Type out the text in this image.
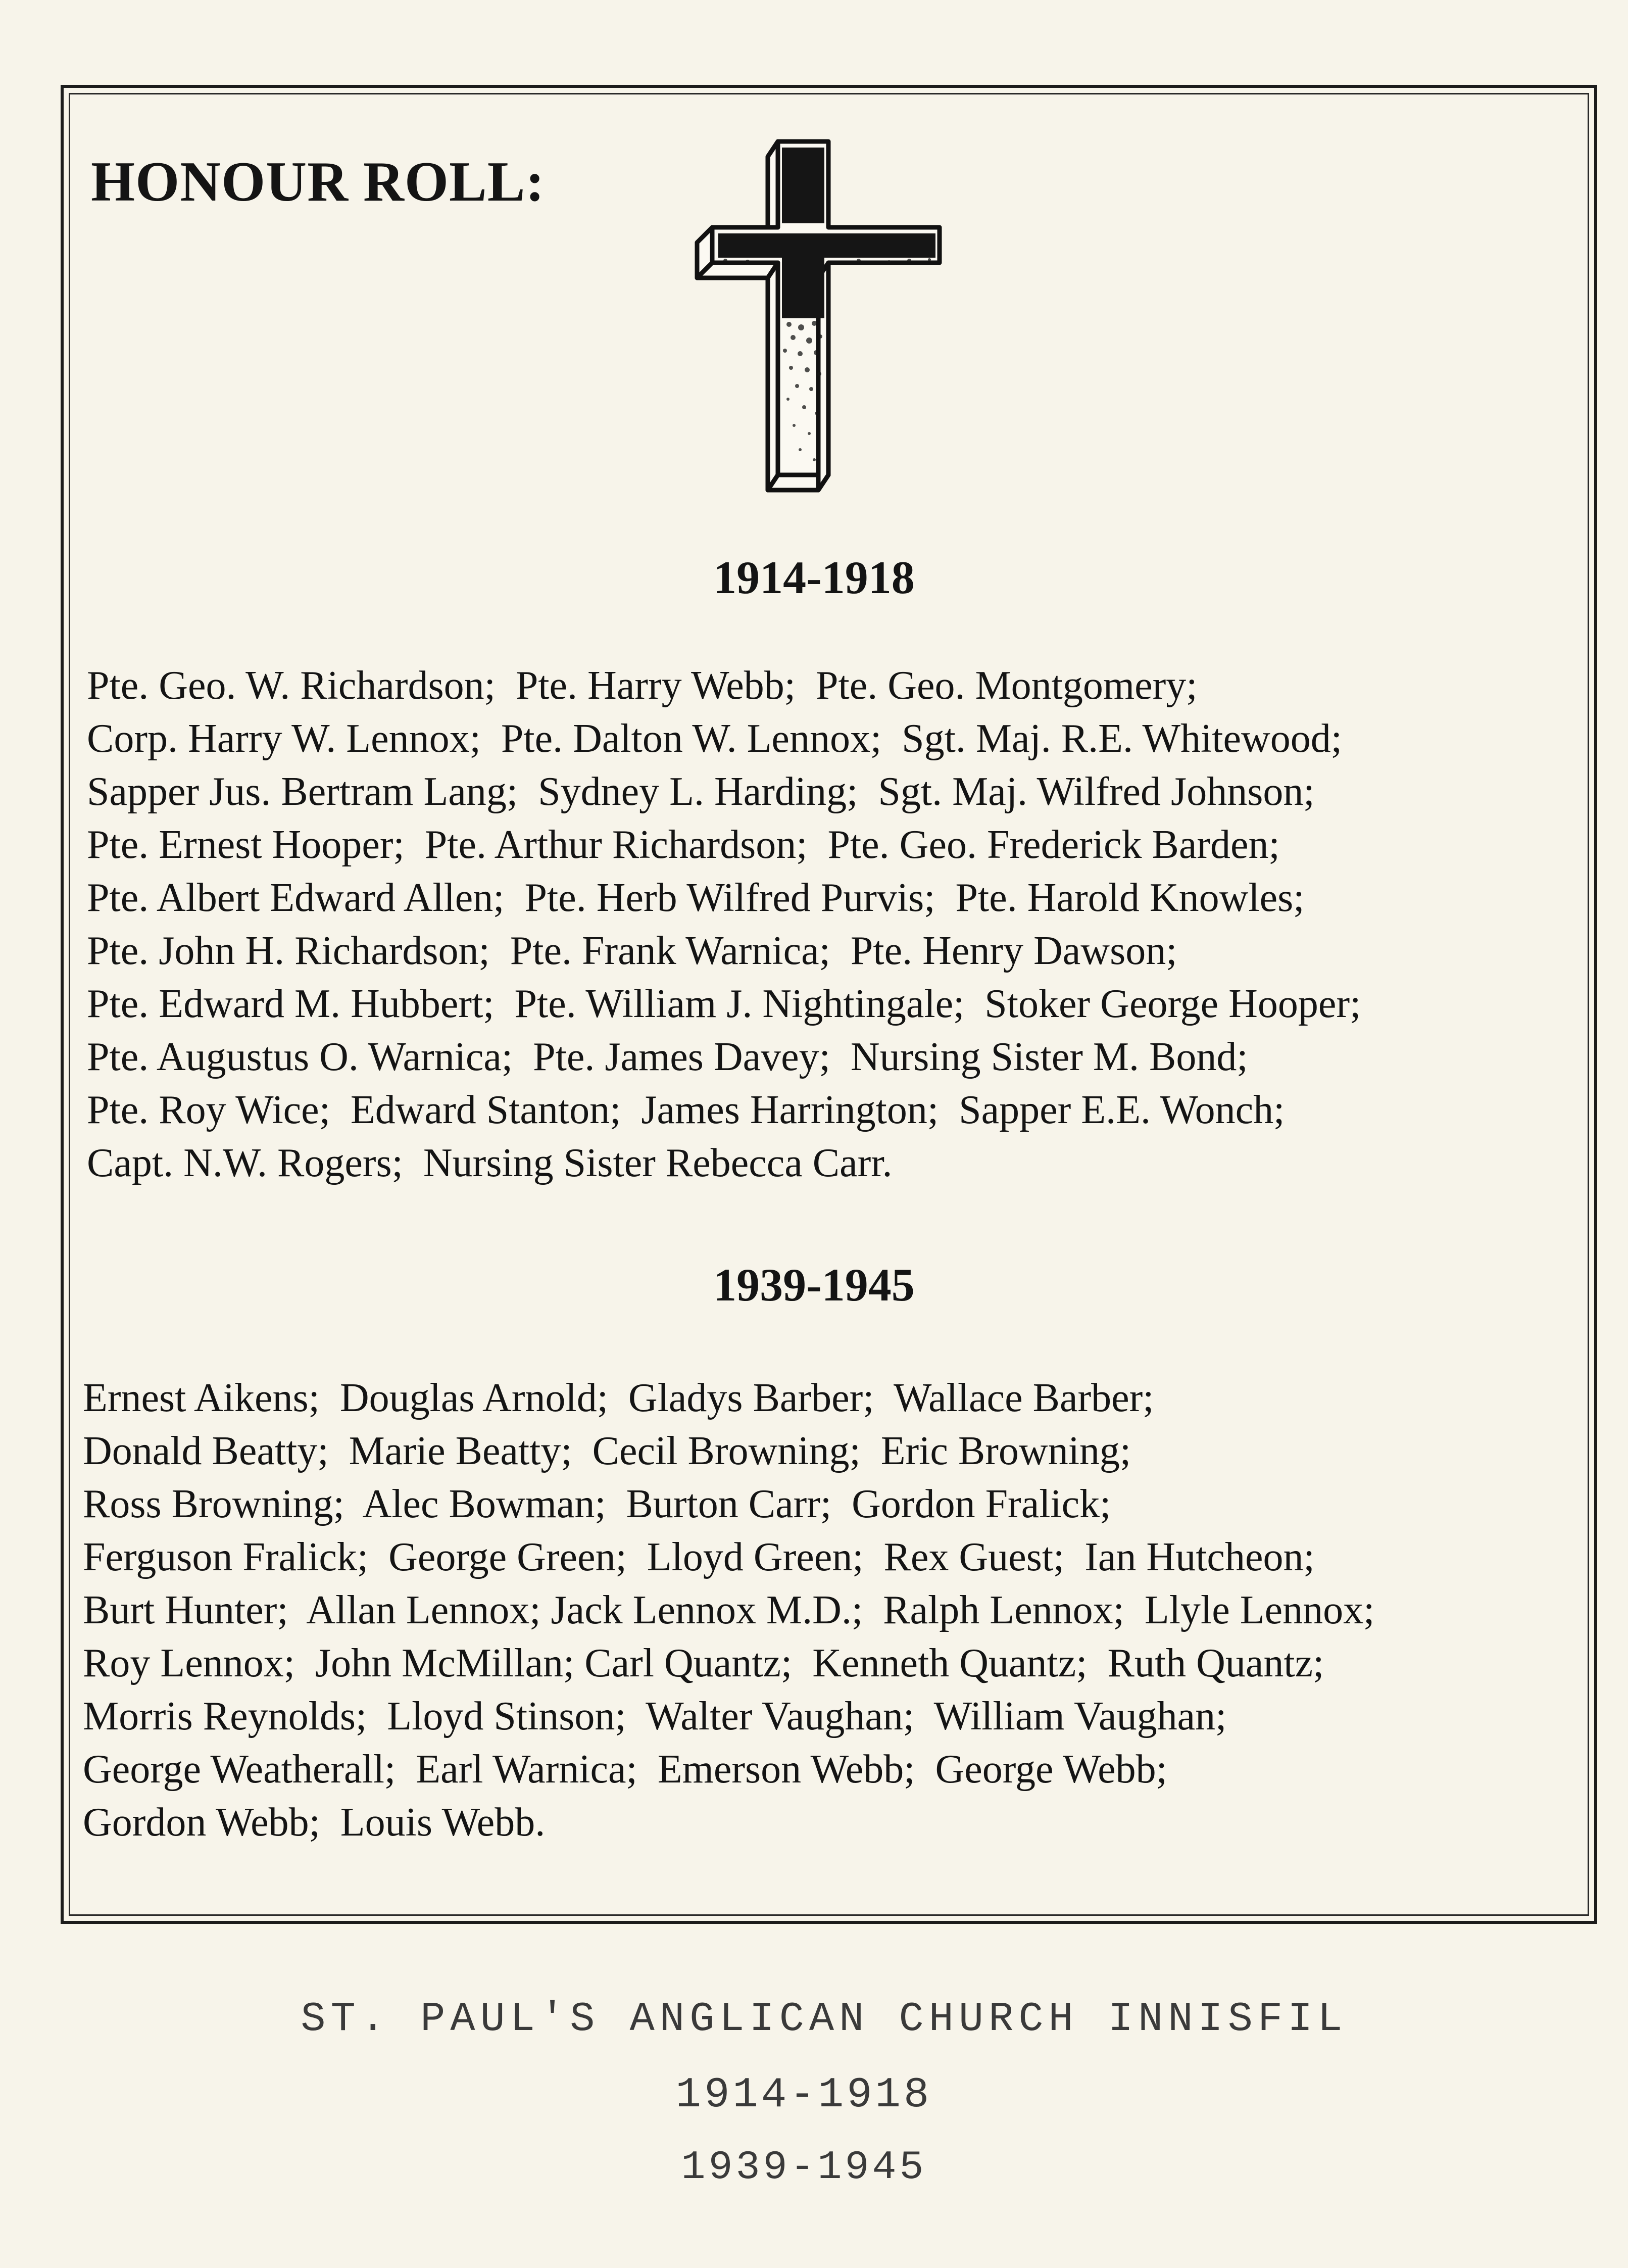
HONOUR ROLL:
1914-1918
Pte. Geo. W. Richardson;  Pte. Harry Webb;  Pte. Geo. Montgomery;
Corp. Harry W. Lennox;  Pte. Dalton W. Lennox;  Sgt. Maj. R.E. Whitewood;
Sapper Jus. Bertram Lang;  Sydney L. Harding;  Sgt. Maj. Wilfred Johnson;
Pte. Ernest Hooper;  Pte. Arthur Richardson;  Pte. Geo. Frederick Barden;
Pte. Albert Edward Allen;  Pte. Herb Wilfred Purvis;  Pte. Harold Knowles;
Pte. John H. Richardson;  Pte. Frank Warnica;  Pte. Henry Dawson;
Pte. Edward M. Hubbert;  Pte. William J. Nightingale;  Stoker George Hooper;
Pte. Augustus O. Warnica;  Pte. James Davey;  Nursing Sister M. Bond;
Pte. Roy Wice;  Edward Stanton;  James Harrington;  Sapper E.E. Wonch;
Capt. N.W. Rogers;  Nursing Sister Rebecca Carr.
1939-1945
Ernest Aikens;  Douglas Arnold;  Gladys Barber;  Wallace Barber;
Donald Beatty;  Marie Beatty;  Cecil Browning;  Eric Browning;
Ross Browning;  Alec Bowman;  Burton Carr;  Gordon Fralick;
Ferguson Fralick;  George Green;  Lloyd Green;  Rex Guest;  Ian Hutcheon;
Burt Hunter;  Allan Lennox; Jack Lennox M.D.;  Ralph Lennox;  Llyle Lennox;
Roy Lennox;  John McMillan; Carl Quantz;  Kenneth Quantz;  Ruth Quantz;
Morris Reynolds;  Lloyd Stinson;  Walter Vaughan;  William Vaughan;
George Weatherall;  Earl Warnica;  Emerson Webb;  George Webb;
Gordon Webb;  Louis Webb.

ST. PAUL'S ANGLICAN CHURCH INNISFIL

1914-1918

1939-1945
